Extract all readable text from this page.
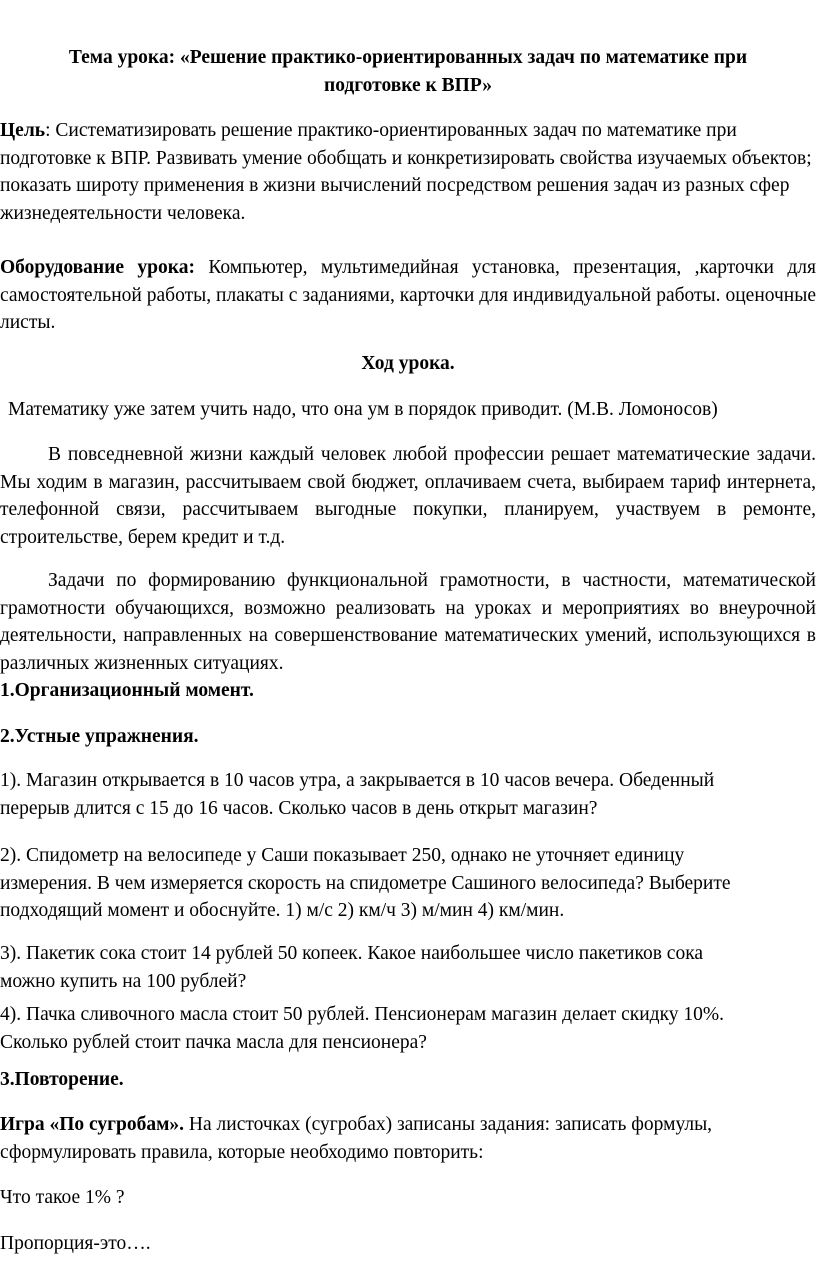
Тема урока: «Решение практико-ориентированных задач по математике при
подготовке к ВПР»

Цель: Систематизировать решение практико-ориентированных задач по математике при подготовке к ВПР. Развивать умение обобщать и конкретизировать свойства изучаемых объектов; показать широту применения в жизни вычислений посредством решения задач из разных сфер жизнедеятельности человека.

Оборудование урока: Компьютер, мультимедийная установка, презентация, ,карточки для самостоятельной работы, плакаты с заданиями, карточки для индивидуальной работы. оценочные листы.

Ход урока.

Математику уже затем учить надо, что она ум в порядок приводит. (М.В. Ломоносов)

В повседневной жизни каждый человек любой профессии решает математические задачи. Мы ходим в магазин, рассчитываем свой бюджет, оплачиваем счета, выбираем тариф интернета, телефонной связи, рассчитываем выгодные покупки, планируем, участвуем в ремонте, строительстве, берем кредит и т.д.

Задачи по формированию функциональной грамотности, в частности, математической грамотности обучающихся, возможно реализовать на уроках и мероприятиях во внеурочной деятельности, направленных на совершенствование математических умений, использующихся в различных жизненных ситуациях.

1.Организационный момент.
2.Устные упражнения.
1). Магазин открывается в 10 часов утра, а закрывается в 10 часов вечера. Обеденный
перерыв длится с 15 до 16 часов. Сколько часов в день открыт магазин?
2). Спидометр на велосипеде у Саши показывает 250, однако не уточняет единицу
измерения. В чем измеряется скорость на спидометре Сашиного велосипеда? Выберите
подходящий момент и обоснуйте. 1) м/с 2) км/ч 3) м/мин 4) км/мин.
3). Пакетик сока стоит 14 рублей 50 копеек. Какое наибольшее число пакетиков сока
можно купить на 100 рублей?
4). Пачка сливочного масла стоит 50 рублей. Пенсионерам магазин делает скидку 10%.
Сколько рублей стоит пачка масла для пенсионера?
3.Повторение.
Игра «По сугробам». На листочках (сугробах) записаны задания: записать формулы,
сформулировать правила, которые необходимо повторить:
Что такое 1% ?
Пропорция-это….
